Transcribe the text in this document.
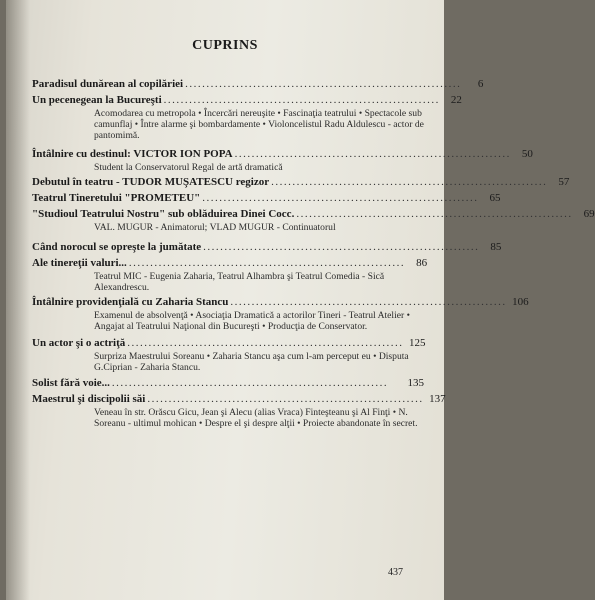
CUPRINS
Paradisul dunărean al copilăriei .................................................................	6
Un pecenegean la Bucureşti .................................................................	22
Acomodarea cu metropola • Încercări nereuşite • Fascinaţia teatrului • Spectacole sub camunflaj • Între alarme şi bombardamente • Violoncelistul Radu Aldulescu - actor de pantomimă.
Întâlnire cu destinul: VICTOR ION POPA .................................................................	50
Student la Conservatorul Regal de artă dramatică
Debutul în teatru - TUDOR MUŞATESCU regizor .................................................................	57
Teatrul Tineretului "PROMETEU" .................................................................	65
"Studioul Teatrului Nostru" sub oblăduirea Dinei Cocc. .................................................................	69
VAL. MUGUR - Animatorul; VLAD MUGUR - Continuatorul
Când norocul se opreşte la jumătate .................................................................	85
Ale tinereţii valuri... .................................................................	86
Teatrul MIC - Eugenia Zaharia, Teatrul Alhambra şi Teatrul Comedia - Sică Alexandrescu.
Întâlnire providenţială cu Zaharia Stancu ................................................................. 106
Examenul de absolvenţă • Asociaţia Dramatică a actorilor Tineri - Teatrul Atelier • Angajat al Teatrului Naţional din Bucureşti • Producţia de Conservator.
Un actor şi o actriţă ................................................................. 125
Surpriza Maestrului Soreanu • Zaharia Stancu aşa cum l-am perceput eu • Disputa G.Ciprian - Zaharia Stancu.
Solist fără voie... .................................................................	135
Maestrul şi discipolii săi ................................................................. 137
Veneau în str. Orăscu Gicu, Jean şi Alecu (alias Vraca) Finteşteanu şi Al Finţi • N. Soreanu - ultimul mohican • Despre el şi despre alţii • Proiecte abandonate în secret.
437
